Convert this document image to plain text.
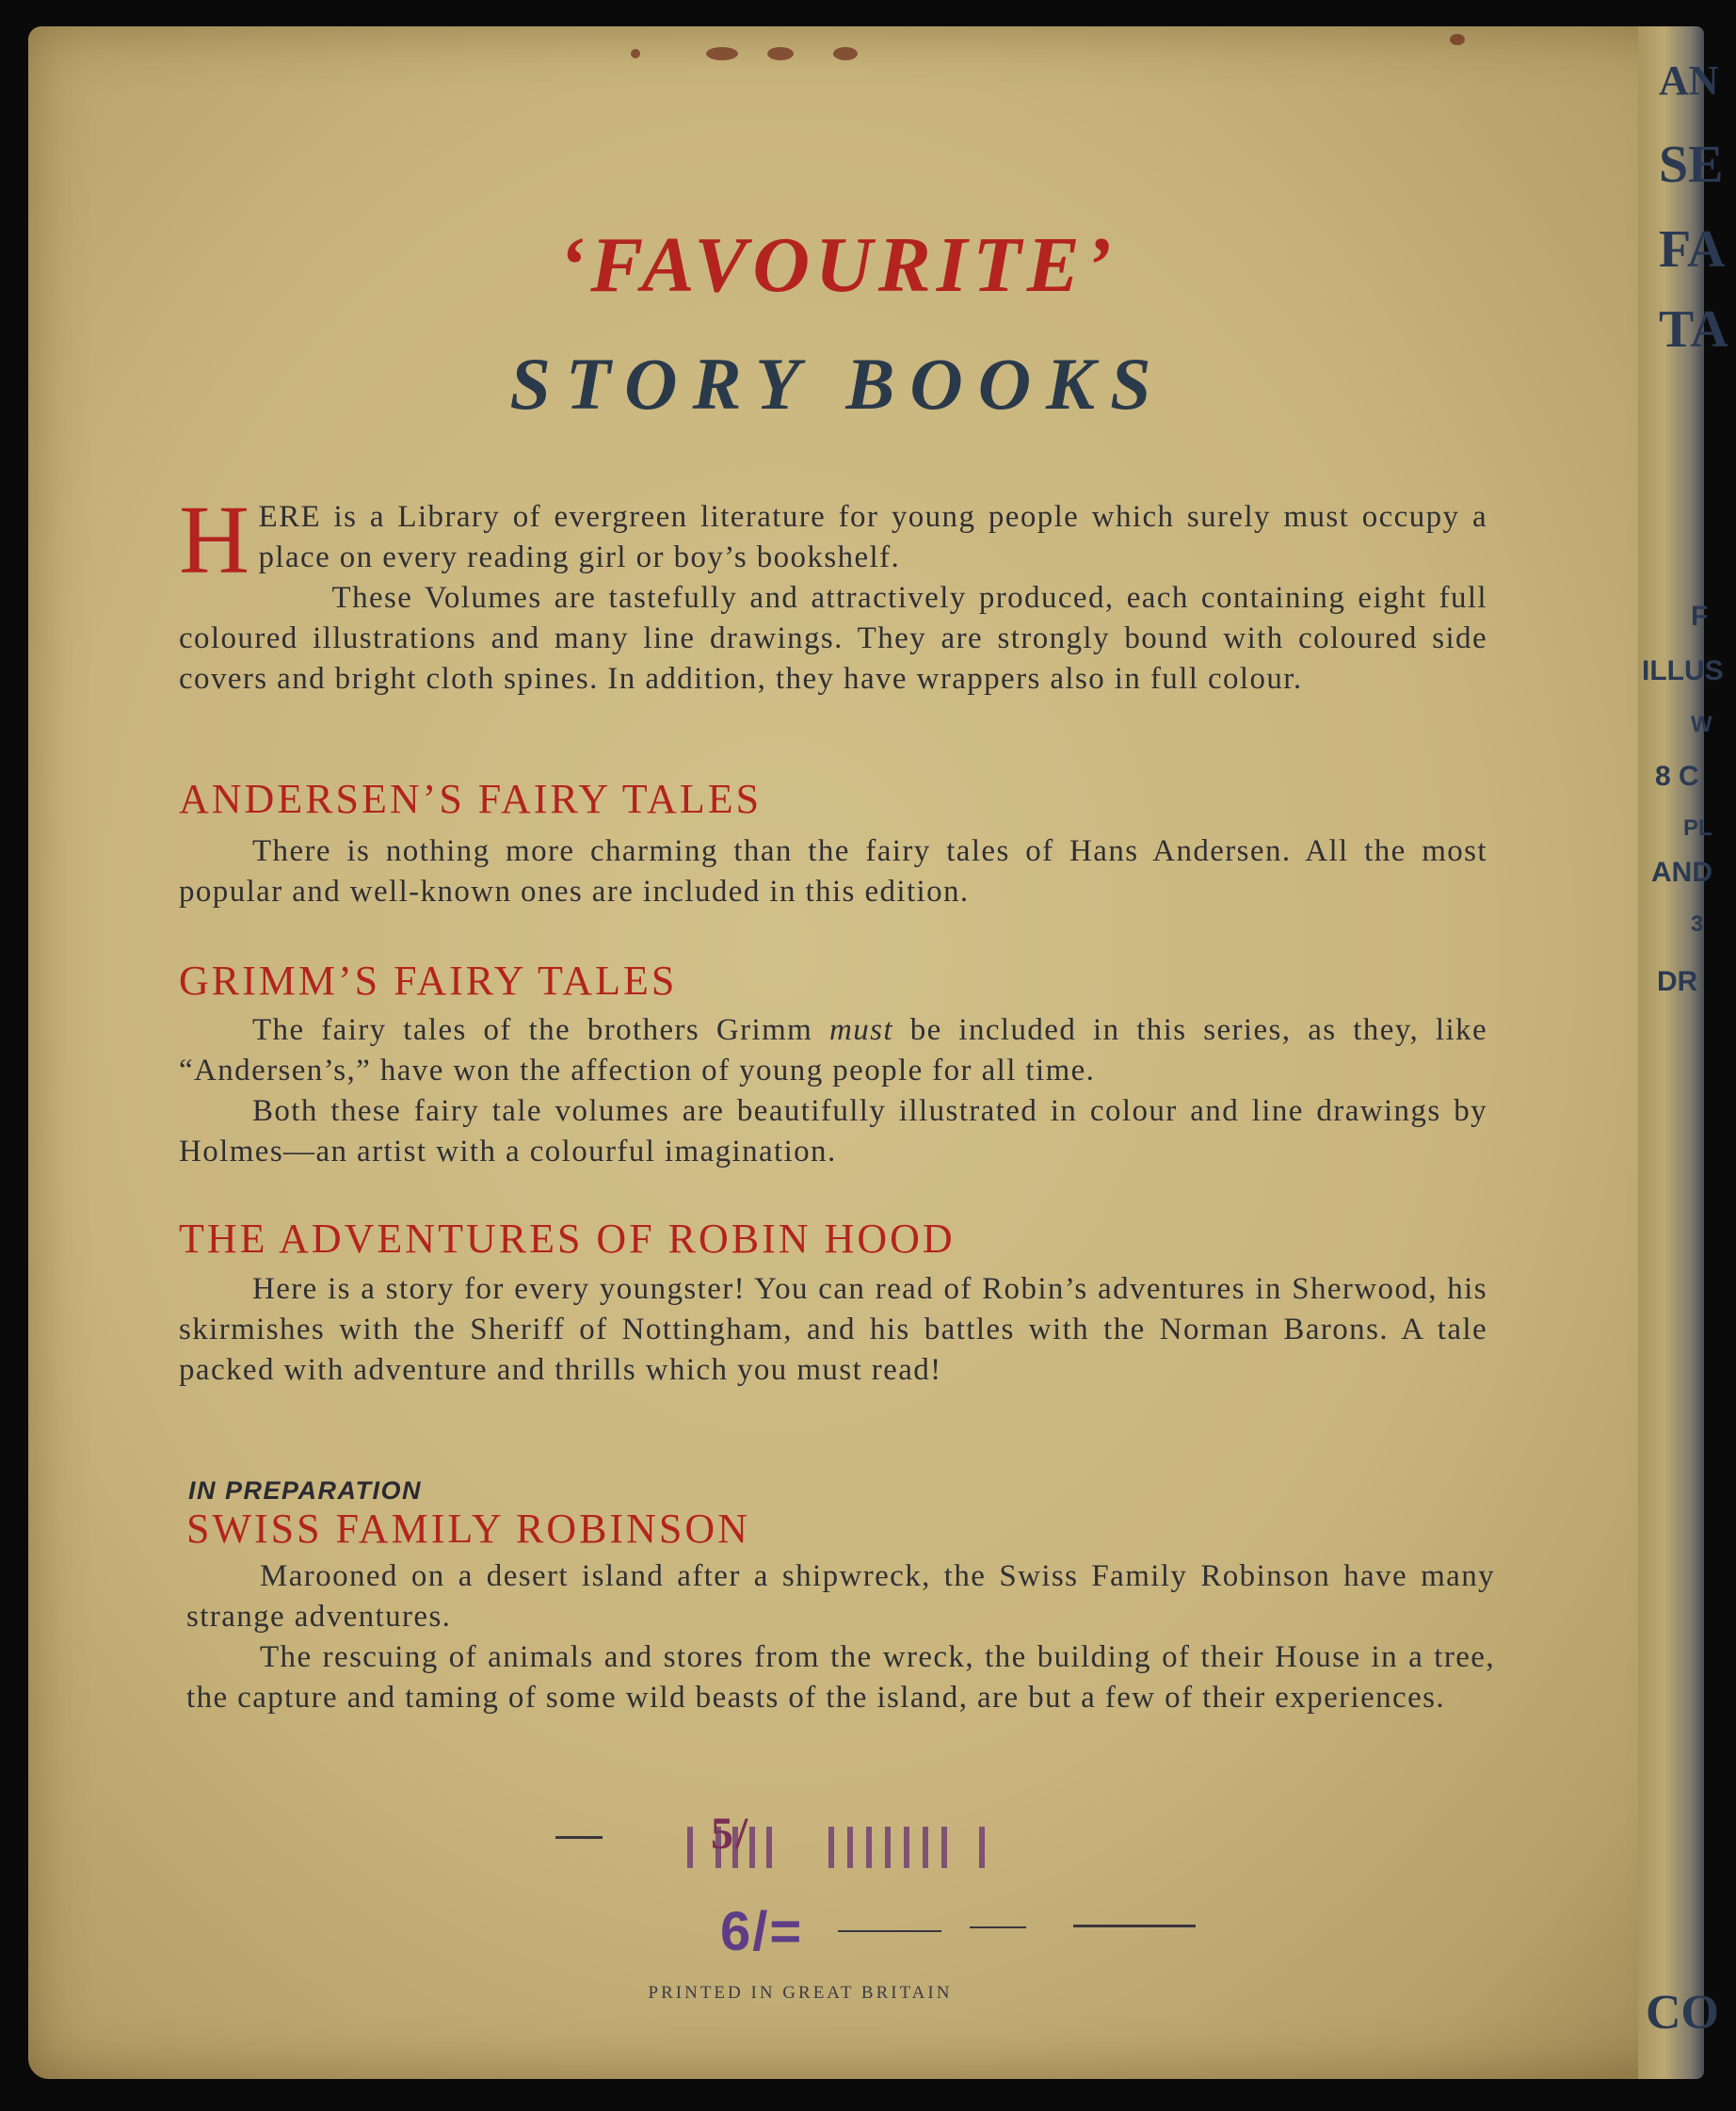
‘FAVOURITE’
STORY BOOKS

HERE is a Library of evergreen literature for young people which surely must occupy a place on every reading girl or boy’s bookshelf.

These Volumes are tastefully and attractively produced, each containing eight full coloured illustrations and many line drawings. They are strongly bound with coloured side covers and bright cloth spines. In addition, they have wrappers also in full colour.

ANDERSEN’S FAIRY TALES

There is nothing more charming than the fairy tales of Hans Andersen. All the most popular and well-known ones are included in this edition.

GRIMM’S FAIRY TALES

The fairy tales of the brothers Grimm must be included in this series, as they, like “Andersen’s,” have won the affection of young people for all time.

Both these fairy tale volumes are beautifully illustrated in colour and line drawings by Holmes—an artist with a colourful imagination.

THE ADVENTURES OF ROBIN HOOD

Here is a story for every youngster! You can read of Robin’s adventures in Sherwood, his skirmishes with the Sheriff of Nottingham, and his battles with the Norman Barons. A tale packed with adventure and thrills which you must read!

IN PREPARATION
SWISS FAMILY ROBINSON

Marooned on a desert island after a shipwreck, the Swiss Family Robinson have many strange adventures.

The rescuing of animals and stores from the wreck, the building of their House in a tree, the capture and taming of some wild beasts of the island, are but a few of their experiences.

5/
6/=
PRINTED IN GREAT BRITAIN
AN
SE
FA
TA
F
ILLUS
W
8 C
PL
AND
3
DR
CO
